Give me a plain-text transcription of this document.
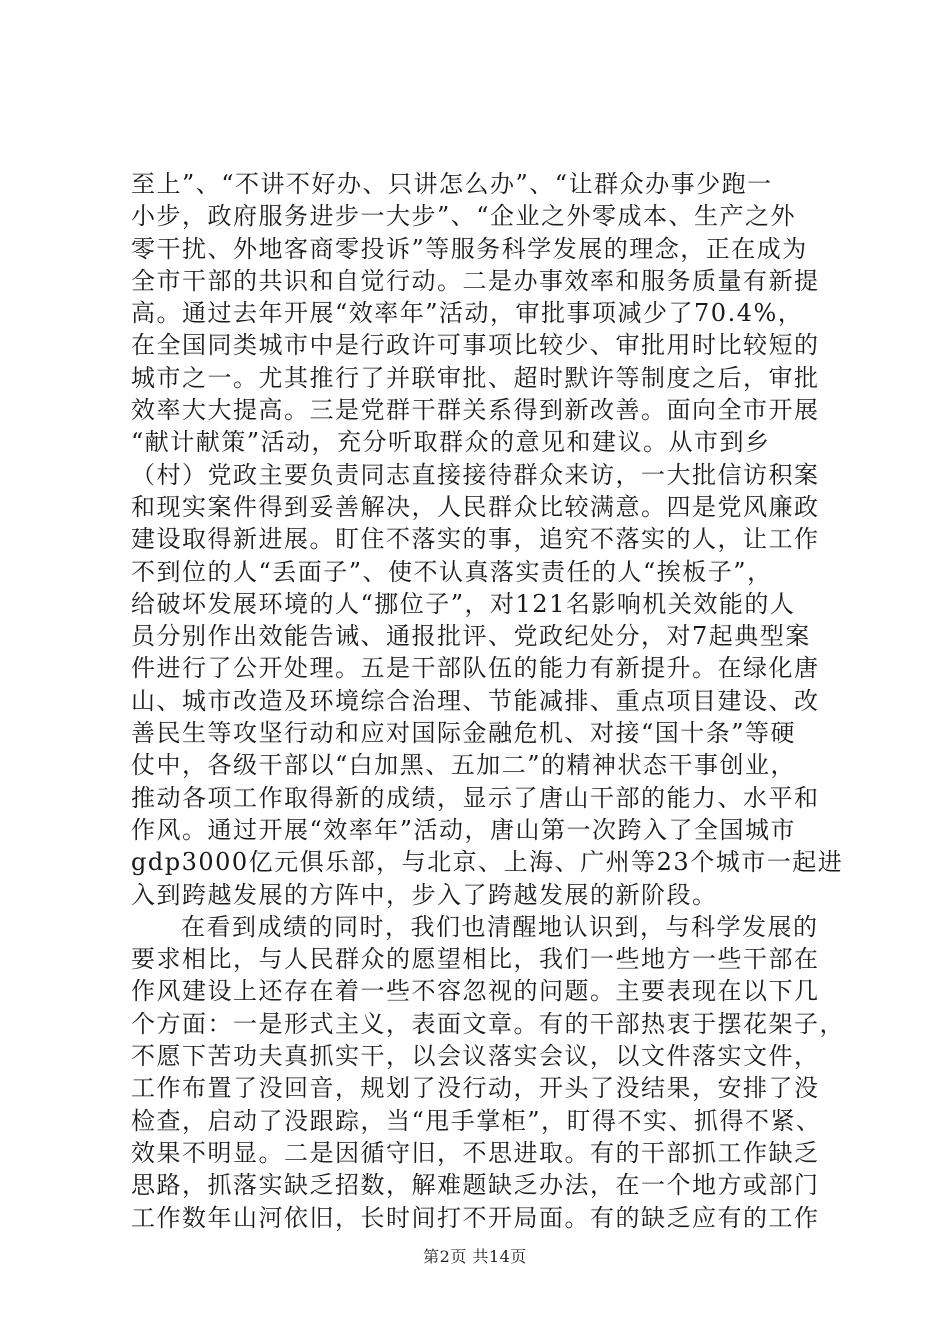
至上”、“不讲不好办、只讲怎么办”、“让群众办事少跑一
小步，政府服务进步一大步”、“企业之外零成本、生产之外
零干扰、外地客商零投诉”等服务科学发展的理念，正在成为
全市干部的共识和自觉行动。二是办事效率和服务质量有新提
高。通过去年开展“效率年”活动，审批事项减少了70.4%，
在全国同类城市中是行政许可事项比较少、审批用时比较短的
城市之一。尤其推行了并联审批、超时默许等制度之后，审批
效率大大提高。三是党群干群关系得到新改善。面向全市开展
“献计献策”活动，充分听取群众的意见和建议。从市到乡
（村）党政主要负责同志直接接待群众来访，一大批信访积案
和现实案件得到妥善解决，人民群众比较满意。四是党风廉政
建设取得新进展。盯住不落实的事，追究不落实的人，让工作
不到位的人“丢面子”、使不认真落实责任的人“挨板子”，
给破坏发展环境的人“挪位子”，对121名影响机关效能的人
员分别作出效能告诫、通报批评、党政纪处分，对7起典型案
件进行了公开处理。五是干部队伍的能力有新提升。在绿化唐
山、城市改造及环境综合治理、节能减排、重点项目建设、改
善民生等攻坚行动和应对国际金融危机、对接“国十条”等硬
仗中，各级干部以“白加黑、五加二”的精神状态干事创业，
推动各项工作取得新的成绩，显示了唐山干部的能力、水平和
作风。通过开展“效率年”活动，唐山第一次跨入了全国城市
gdp3000亿元俱乐部，与北京、上海、广州等23个城市一起进
入到跨越发展的方阵中，步入了跨越发展的新阶段。
在看到成绩的同时，我们也清醒地认识到，与科学发展的
要求相比，与人民群众的愿望相比，我们一些地方一些干部在
作风建设上还存在着一些不容忽视的问题。主要表现在以下几
个方面：一是形式主义，表面文章。有的干部热衷于摆花架子，
不愿下苦功夫真抓实干，以会议落实会议，以文件落实文件，
工作布置了没回音，规划了没行动，开头了没结果，安排了没
检查，启动了没跟踪，当“甩手掌柜”，盯得不实、抓得不紧、
效果不明显。二是因循守旧，不思进取。有的干部抓工作缺乏
思路，抓落实缺乏招数，解难题缺乏办法，在一个地方或部门
工作数年山河依旧，长时间打不开局面。有的缺乏应有的工作
第2页 共14页
